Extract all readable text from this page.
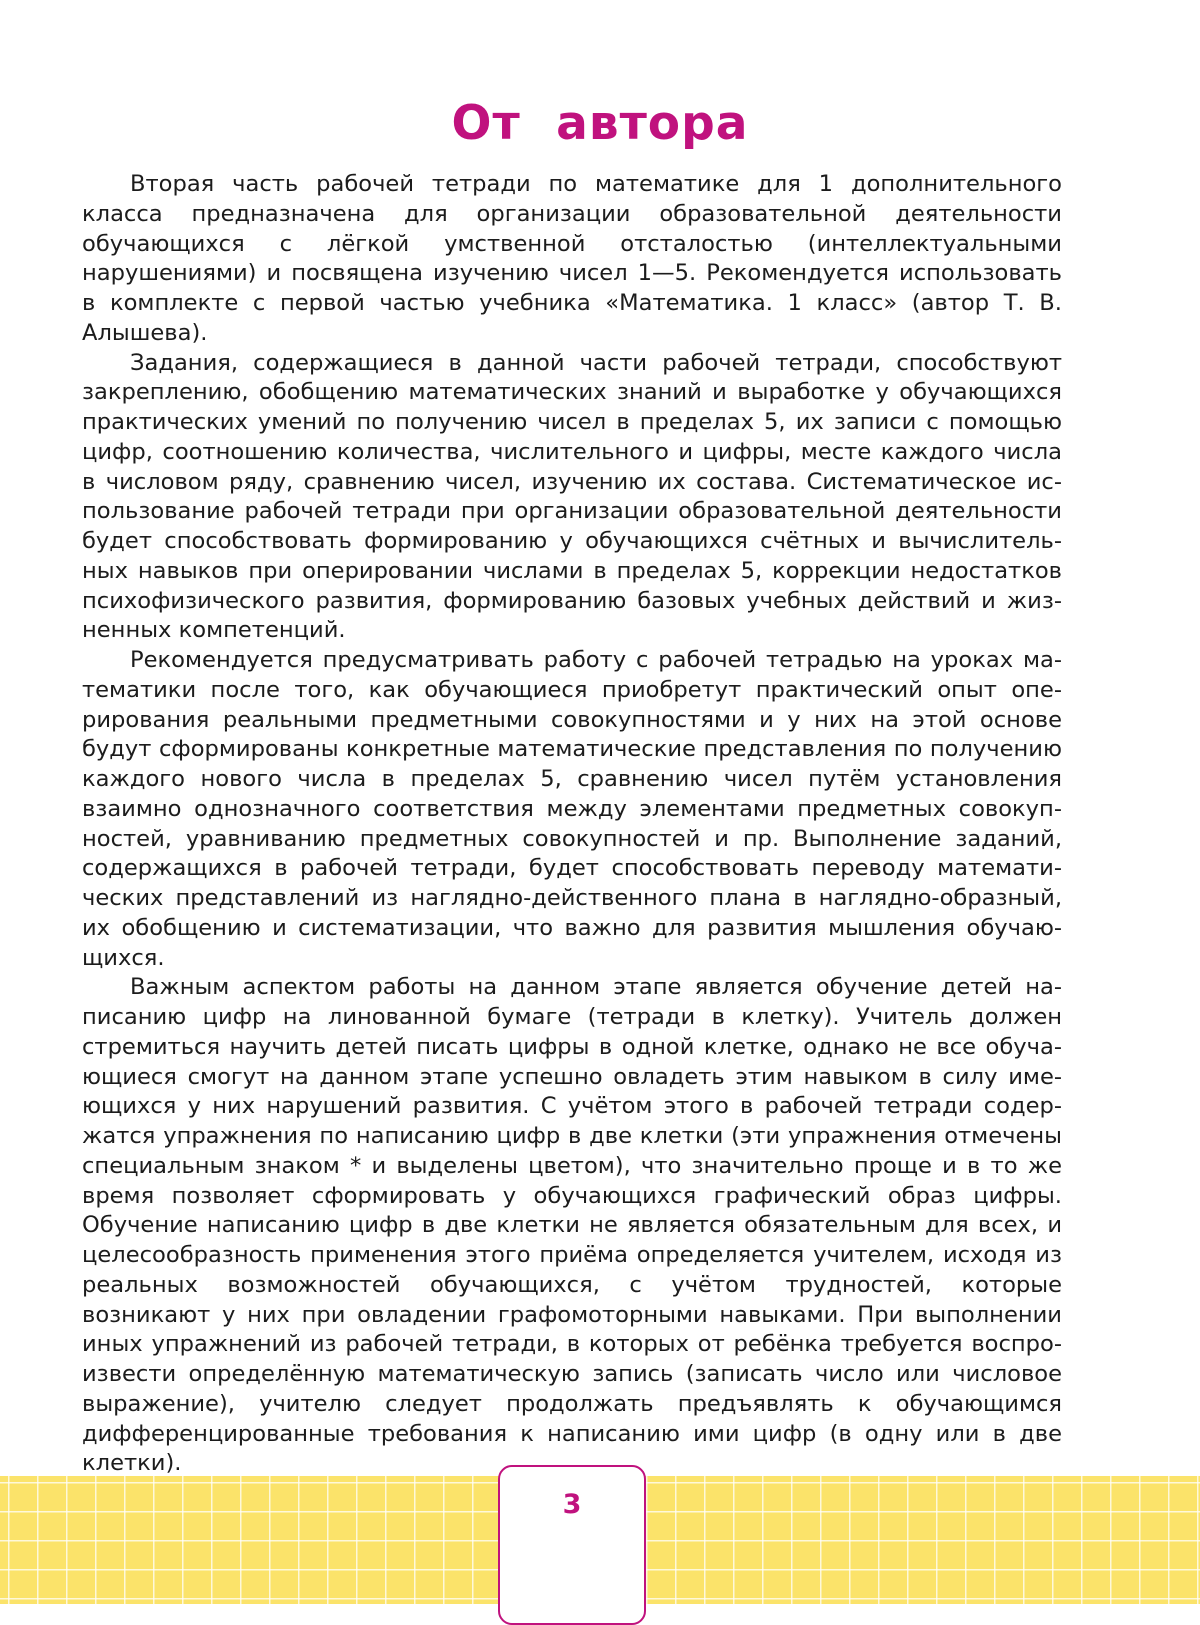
От автора

Вторая часть рабочей тетради по математике для 1 дополнительного класса предназначена для организации образовательной деятельности обучающихся с лёгкой умственной отсталостью (интеллектуальными нарушениями) и посвящена изучению чисел 1—5. Рекомендуется использовать в комплекте с первой частью учебника «Математика. 1 класс» (автор Т. В. Алышева).

Задания, содержащиеся в данной части рабочей тетради, способствуют закреплению, обобщению математических знаний и выработке у обучающихся практических умений по получению чисел в пределах 5, их записи с помощью цифр, соотношению количества, числительного и цифры, месте каждого числа в числовом ряду, сравнению чисел, изучению их состава. Систематическое использование рабочей тетради при организации образовательной деятельности будет способствовать формированию у обучающихся счётных и вычислительных навыков при оперировании числами в пределах 5, коррекции недостатков психофизического развития, формированию базовых учебных действий и жизненных компетенций.

Рекомендуется предусматривать работу с рабочей тетрадью на уроках математики после того, как обучающиеся приобретут практический опыт оперирования реальными предметными совокупностями и у них на этой основе будут сформированы конкретные математические представления по получению каждого нового числа в пределах 5, сравнению чисел путём установления взаимно однозначного соответствия между элементами предметных совокупностей, уравниванию предметных совокупностей и пр. Выполнение заданий, содержащихся в рабочей тетради, будет способствовать переводу математических представлений из наглядно-действенного плана в наглядно-образный, их обобщению и систематизации, что важно для развития мышления обучающихся.

Важным аспектом работы на данном этапе является обучение детей написанию цифр на линованной бумаге (тетради в клетку). Учитель должен стремиться научить детей писать цифры в одной клетке, однако не все обучающиеся смогут на данном этапе успешно овладеть этим навыком в силу имеющихся у них нарушений развития. С учётом этого в рабочей тетради содержатся упражнения по написанию цифр в две клетки (эти упражнения отмечены специальным знаком * и выделены цветом), что значительно проще и в то же время позволяет сформировать у обучающихся графический образ цифры. Обучение написанию цифр в две клетки не является обязательным для всех, и целесообразность применения этого приёма определяется учителем, исходя из реальных возможностей обучающихся, с учётом трудностей, которые возникают у них при овладении графомоторными навыками. При выполнении иных упражнений из рабочей тетради, в которых от ребёнка требуется воспроизвести определённую математическую запись (записать число или числовое выражение), учителю следует продолжать предъявлять к обучающимся дифференцированные требования к написанию ими цифр (в одну или в две клетки).

3
